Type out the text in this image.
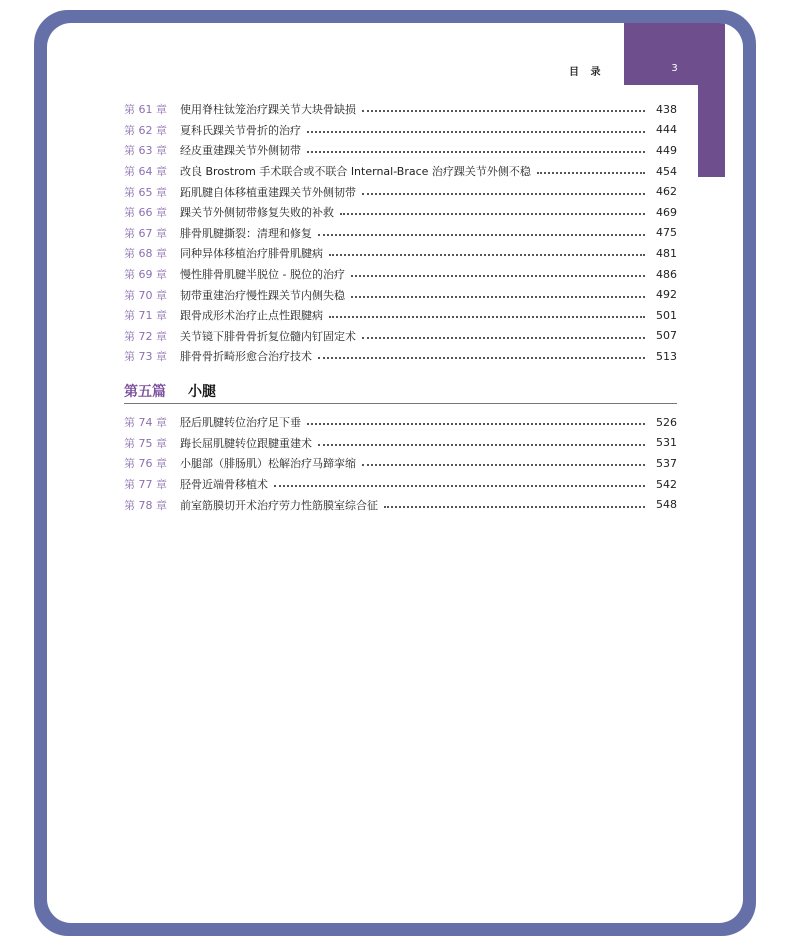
目 录	3
第 61 章	使用脊柱钛笼治疗踝关节大块骨缺损	438
第 62 章	夏科氏踝关节骨折的治疗	444
第 63 章	经皮重建踝关节外侧韧带	449
第 64 章	改良 Brostrom 手术联合或不联合 Internal-Brace 治疗踝关节外侧不稳	454
第 65 章	跖肌腱自体移植重建踝关节外侧韧带	462
第 66 章	踝关节外侧韧带修复失败的补救	469
第 67 章	腓骨肌腱撕裂：清理和修复	475
第 68 章	同种异体移植治疗腓骨肌腱病	481
第 69 章	慢性腓骨肌腱半脱位 - 脱位的治疗	486
第 70 章	韧带重建治疗慢性踝关节内侧失稳	492
第 71 章	跟骨成形术治疗止点性跟腱病	501
第 72 章	关节镜下腓骨骨折复位髓内钉固定术	507
第 73 章	腓骨骨折畸形愈合治疗技术	513
第五篇 小腿
第 74 章	胫后肌腱转位治疗足下垂	526
第 75 章	踇长屈肌腱转位跟腱重建术	531
第 76 章	小腿部（腓肠肌）松解治疗马蹄挛缩	537
第 77 章	胫骨近端骨移植术	542
第 78 章	前室筋膜切开术治疗劳力性筋膜室综合征	548
